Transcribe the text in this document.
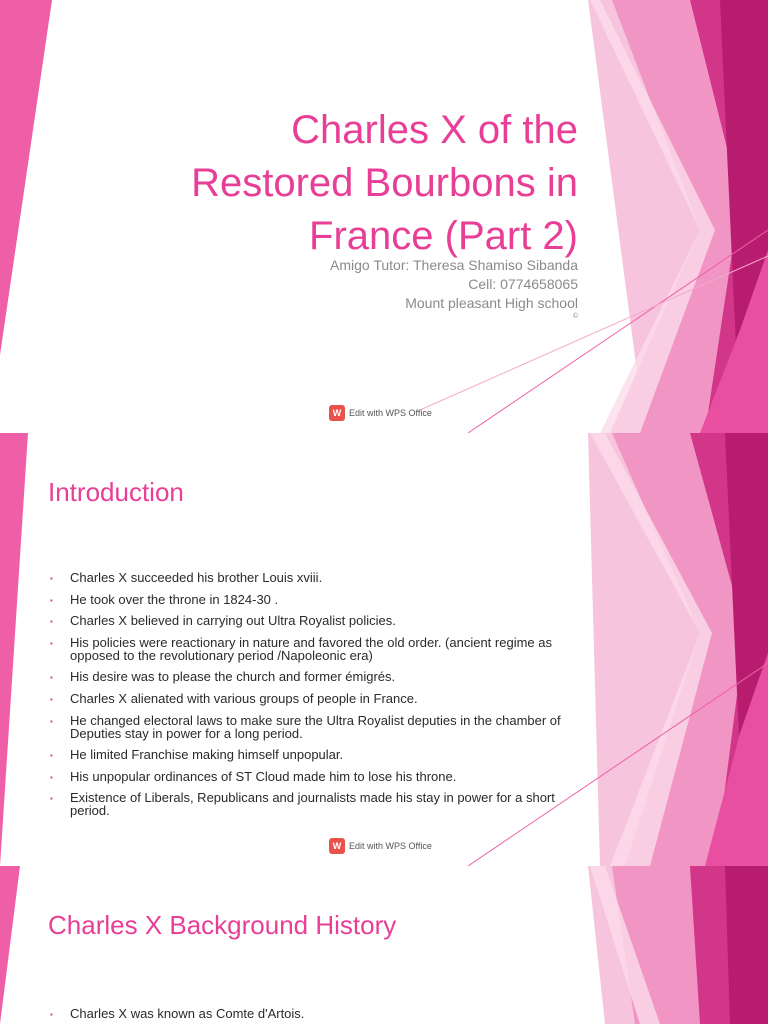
Charles X of the
Restored Bourbons in
France (Part 2)
Amigo Tutor: Theresa Shamiso Sibanda
Cell: 0774658065
Mount pleasant High school
©
W Edit with WPS Office
Introduction
▪ Charles X succeeded his brother Louis xviii.
▪ He took over the throne in 1824-30 .
▪ Charles X believed in carrying out Ultra Royalist policies.
▪ His policies were reactionary in nature and favored the old order. (ancient regime as opposed to the revolutionary period /Napoleonic era)
▪ His desire was to please the church and former émigrés.
▪ Charles X alienated with various groups of people in France.
▪ He changed electoral laws to make sure the Ultra Royalist deputies in the chamber of Deputies stay in power for a long period.
▪ He limited Franchise making himself unpopular.
▪ His unpopular ordinances of ST Cloud made him to lose his throne.
▪ Existence of Liberals, Republicans and journalists made his stay in power for a short period.
W Edit with WPS Office
Charles X Background History
▪ Charles X was known as Comte d'Artois.
